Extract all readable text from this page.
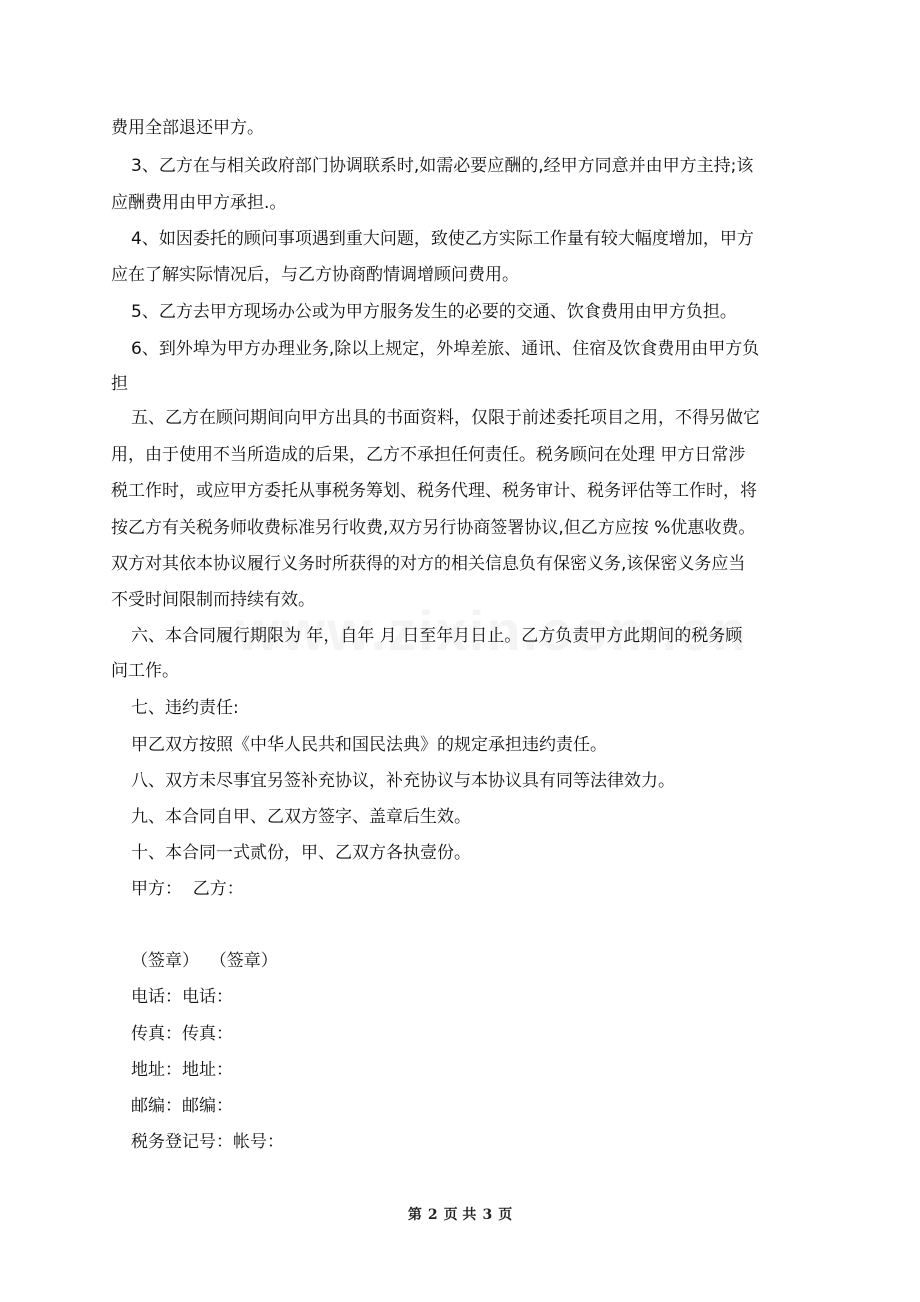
费用全部退还甲方。
3、乙方在与相关政府部门协调联系时,如需必要应酬的,经甲方同意并由甲方主持;该
应酬费用由甲方承担.。
4、如因委托的顾问事项遇到重大问题，致使乙方实际工作量有较大幅度增加，甲方
应在了解实际情况后，与乙方协商酌情调增顾问费用。
5、乙方去甲方现场办公或为甲方服务发生的必要的交通、饮食费用由甲方负担。
6、到外埠为甲方办理业务,除以上规定，外埠差旅、通讯、住宿及饮食费用由甲方负
担
五、乙方在顾问期间向甲方出具的书面资料，仅限于前述委托项目之用，不得另做它
用，由于使用不当所造成的后果，乙方不承担任何责任。税务顾问在处理 甲方日常涉
税工作时，或应甲方委托从事税务筹划、税务代理、税务审计、税务评估等工作时，将
按乙方有关税务师收费标准另行收费,双方另行协商签署协议,但乙方应按 %优惠收费。
双方对其依本协议履行义务时所获得的对方的相关信息负有保密义务,该保密义务应当
不受时间限制而持续有效。
六、本合同履行期限为 年，自年 月 日至年月日止。乙方负责甲方此期间的税务顾
问工作。
七、违约责任:
甲乙双方按照《中华人民共和国民法典》的规定承担违约责任。
八、双方未尽事宜另签补充协议，补充协议与本协议具有同等法律效力。
九、本合同自甲、乙双方签字、盖章后生效。
十、本合同一式贰份，甲、乙双方各执壹份。
甲方：  乙方：
（签章）  （签章）
电话：电话：
传真：传真：
地址：地址：
邮编：邮编：
税务登记号：帐号：
第 2 页 共 3 页
